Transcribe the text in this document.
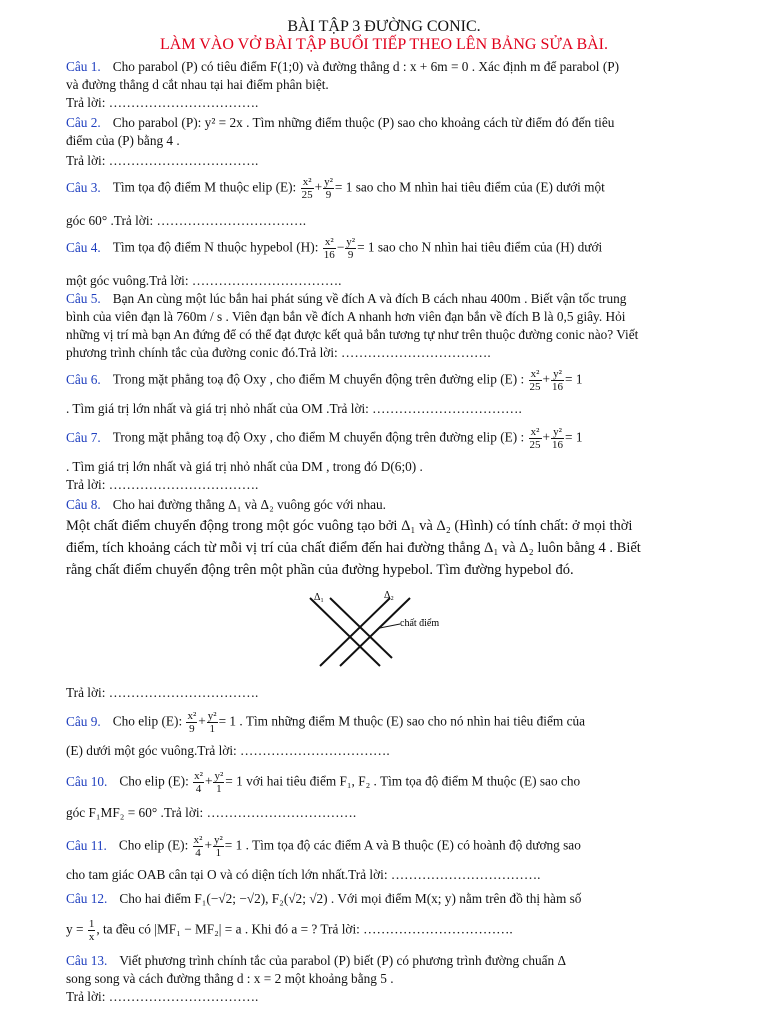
BÀI TẬP 3 ĐƯỜNG CONIC.
LÀM VÀO VỞ BÀI TẬP BUỔI TIẾP THEO LÊN BẢNG SỬA BÀI.
Câu 1. Cho parabol (P) có tiêu điểm F(1;0) và đường thẳng d : x + 6m = 0 . Xác định m để parabol (P)
và đường thẳng d cắt nhau tại hai điểm phân biệt.
Trả lời: …………………………….
Câu 2. Cho parabol (P): y² = 2x . Tìm những điểm thuộc (P) sao cho khoảng cách từ điểm đó đến tiêu
điểm của (P) bằng 4 .
Trả lời: …………………………….
Câu 3. Tìm tọa độ điểm M thuộc elip (E): $\frac{\text{x²}}{25} + \frac{\text{y²}}{9} = 1$ sao cho M nhìn hai tiêu điểm của (E) dưới một
góc 60° .Trả lời: …………………………….
Câu 4. Tìm tọa độ điểm N thuộc hypebol (H): $\frac{\text{x²}}{16} - \frac{\text{y²}}{9} = 1$ sao cho N nhìn hai tiêu điểm của (H) dưới
một góc vuông.Trả lời: …………………………….
Câu 5. Bạn An cùng một lúc bắn hai phát súng về đích A và đích B cách nhau 400m . Biết vận tốc trung
bình của viên đạn là 760m / s . Viên đạn bắn về đích A nhanh hơn viên đạn bắn về đích B là 0,5 giây. Hỏi
những vị trí mà bạn An đứng để có thể đạt được kết quả bắn tương tự như trên thuộc đường conic nào? Viết
phương trình chính tắc của đường conic đó.Trả lời: …………………………….
Câu 6. Trong mặt phẳng toạ độ Oxy , cho điểm M chuyển động trên đường elip (E) : $\frac{\text{x²}}{25} + \frac{\text{y²}}{16} = 1$
. Tìm giá trị lớn nhất và giá trị nhỏ nhất của OM .Trả lời: …………………………….
Câu 7. Trong mặt phẳng toạ độ Oxy , cho điểm M chuyển động trên đường elip (E) : $\frac{\text{x²}}{25} + \frac{\text{y²}}{16} = 1$
. Tìm giá trị lớn nhất và giá trị nhỏ nhất của DM , trong đó D(6;0) .
Trả lời: …………………………….
Câu 8. Cho hai đường thẳng Δ₁ và Δ₂ vuông góc với nhau.
Một chất điểm chuyển động trong một góc vuông tạo bởi Δ₁ và Δ₂ (Hình) có tính chất: ở mọi thời
điểm, tích khoảng cách từ mỗi vị trí của chất điểm đến hai đường thẳng Δ₁ và Δ₂ luôn bằng 4 . Biết
rằng chất điểm chuyển động trên một phần của đường hypebol. Tìm đường hypebol đó.
Δ₁	Δ₂
chất điểm
Trả lời: …………………………….
Câu 9. Cho elip (E): $\frac{\text{x²}}{9} + \frac{\text{y²}}{1} = 1$ . Tìm những điểm M thuộc (E) sao cho nó nhìn hai tiêu điểm của
(E) dưới một góc vuông.Trả lời: …………………………….
Câu 10. Cho elip (E): $\frac{\text{x²}}{4} + \frac{\text{y²}}{1} = 1$ với hai tiêu điểm F₁, F₂ . Tìm tọa độ điểm M thuộc (E) sao cho
góc F₁MF₂ = 60° .Trả lời: …………………………….
Câu 11. Cho elip (E): $\frac{\text{x²}}{4} + \frac{\text{y²}}{1} = 1$ . Tìm tọa độ các điểm A và B thuộc (E) có hoành độ dương sao
cho tam giác OAB cân tại O và có diện tích lớn nhất.Trả lời: …………………………….
Câu 12. Cho hai điểm F₁(−√2; −√2), F₂(√2; √2) . Với mọi điểm M(x; y) nằm trên đồ thị hàm số
$y = \frac{1}{x}$ , ta đều có |MF₁ − MF₂| = a . Khi đó a = ? Trả lời: …………………………….
Câu 13. Viết phương trình chính tắc của parabol (P) biết (P) có phương trình đường chuẩn Δ
song song và cách đường thẳng d : x = 2 một khoảng bằng 5 .
Trả lời: …………………………….
